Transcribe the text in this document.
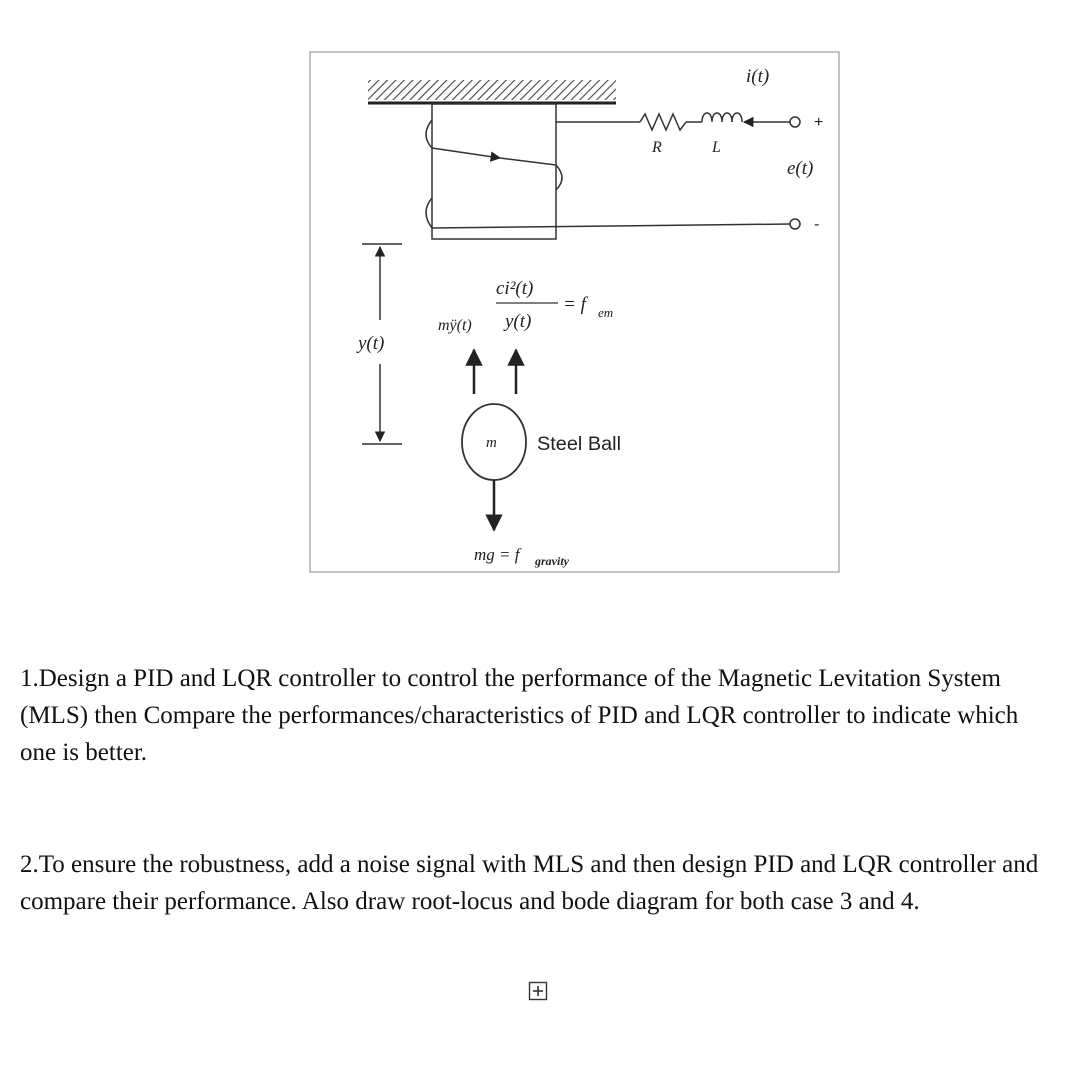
i(t)
R	L
+
-
e(t)
y(t)
ci²(t)
y(t)
= f em
mÿ(t)
m Steel Ball
mg = f gravity

1.Design a PID and LQR controller to control the performance of the Magnetic Levitation System (MLS) then Compare the performances/characteristics of PID and LQR controller to indicate which one is better.

2.To ensure the robustness, add a noise signal with MLS and then design PID and LQR controller and compare their performance. Also draw root-locus and bode diagram for both case 3 and 4.
